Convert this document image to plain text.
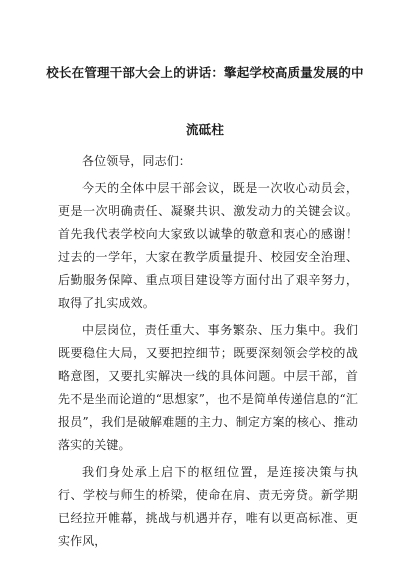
校长在管理干部大会上的讲话：擎起学校高质量发展的中
流砥柱

各位领导，同志们：

今天的全体中层干部会议，既是一次收心动员会，更是一次明确责任、凝聚共识、激发动力的关键会议。首先我代表学校向大家致以诚挚的敬意和衷心的感谢！过去的一学年，大家在教学质量提升、校园安全治理、后勤服务保障、重点项目建设等方面付出了艰辛努力，取得了扎实成效。

中层岗位，责任重大、事务繁杂、压力集中。我们既要稳住大局，又要把控细节；既要深刻领会学校的战略意图，又要扎实解决一线的具体问题。中层干部，首先不是坐而论道的“思想家”，也不是简单传递信息的“汇报员”，我们是破解难题的主力、制定方案的核心、推动落实的关键。

我们身处承上启下的枢纽位置，是连接决策与执行、学校与师生的桥梁，使命在肩、责无旁贷。新学期已经拉开帷幕，挑战与机遇并存，唯有以更高标准、更实作风，
